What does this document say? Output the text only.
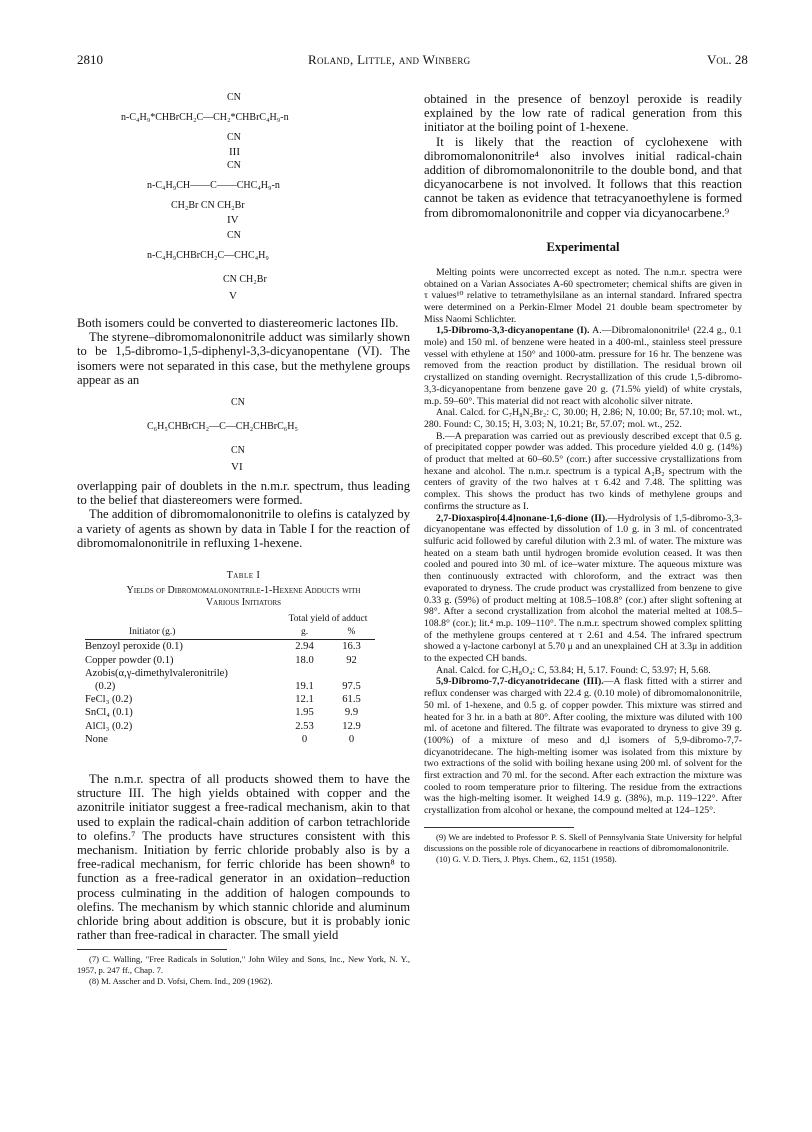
2810	Roland, Little, and Winberg	Vol. 28
CN
n-C₄H₉*CHBrCH₂C—CH₂*CHBrC₄H₉-n
CN
III
CN
n-C₄H₉CH——C——CHC₄H₉-n
CH₂Br CN CH₂Br
IV
CN
n-C₄H₉CHBrCH₂C—CHC₄H₉
CN CH₂Br
V

Both isomers could be converted to diastereomeric lactones IIb.

The styrene–dibromomalononitrile adduct was similarly shown to be 1,5-dibromo-1,5-diphenyl-3,3-dicyanopentane (VI). The isomers were not separated in this case, but the methylene groups appear as an

CN
C₆H₅CHBrCH₂—C—CH₂CHBrC₆H₅
CN
VI

overlapping pair of doublets in the n.m.r. spectrum, thus leading to the belief that diastereomers were formed.

The addition of dibromomalononitrile to olefins is catalyzed by a variety of agents as shown by data in Table I for the reaction of dibromomalononitrile in refluxing 1-hexene.

Table I
Yields of Dibromomalononitrile-1-Hexene Adducts with
Various Initiators
	Total yield of adduct	
Initiator (g.)	g.	%
Benzoyl peroxide (0.1)	2.94	16.3
Copper powder (0.1)	18.0	92
Azobis(α,γ-dimethylvaleronitrile)		
(0.2)	19.1	97.5
FeCl₃ (0.2)	12.1	61.5
SnCl₄ (0.1)	1.95	9.9
AlCl₃ (0.2)	2.53	12.9
None	0	0

The n.m.r. spectra of all products showed them to have the structure III. The high yields obtained with copper and the azonitrile initiator suggest a free-radical mechanism, akin to that used to explain the radical-chain addition of carbon tetrachloride to olefins.⁷ The products have structures consistent with this mechanism. Initiation by ferric chloride probably also is by a free-radical mechanism, for ferric chloride has been shown⁸ to function as a free-radical generator in an oxidation–reduction process culminating in the addition of halogen compounds to olefins. The mechanism by which stannic chloride and aluminum chloride bring about addition is obscure, but it is probably ionic rather than free-radical in character. The small yield

(7) C. Walling, "Free Radicals in Solution," John Wiley and Sons, Inc., New York, N. Y., 1957, p. 247 ff., Chap. 7.

(8) M. Asscher and D. Vofsi, Chem. Ind., 209 (1962).

obtained in the presence of benzoyl peroxide is readily explained by the low rate of radical generation from this initiator at the boiling point of 1-hexene.

It is likely that the reaction of cyclohexene with dibromomalononitrile⁴ also involves initial radical-chain addition of dibromomalononitrile to the double bond, and that dicyanocarbene is not involved. It follows that this reaction cannot be taken as evidence that tetracyanoethylene is formed from dibromomalononitrile and copper via dicyanocarbene.⁹

Experimental

Melting points were uncorrected except as noted. The n.m.r. spectra were obtained on a Varian Associates A-60 spectrometer; chemical shifts are given in τ values¹⁰ relative to tetramethylsilane as an internal standard. Infrared spectra were determined on a Perkin-Elmer Model 21 double beam spectrometer by Miss Naomi Schlichter.

1,5-Dibromo-3,3-dicyanopentane (I). A.—Dibromalononitrile¹ (22.4 g., 0.1 mole) and 150 ml. of benzene were heated in a 400-ml., stainless steel pressure vessel with ethylene at 150° and 1000-atm. pressure for 16 hr. The benzene was removed from the reaction product by distillation. The residual brown oil crystallized on standing overnight. Recrystallization of this crude 1,5-dibromo-3,3-dicyanopentane from benzene gave 20 g. (71.5% yield) of white crystals, m.p. 59–60°. This material did not react with alcoholic silver nitrate.

Anal. Calcd. for C₇H₈N₂Br₂: C, 30.00; H, 2.86; N, 10.00; Br, 57.10; mol. wt., 280. Found: C, 30.15; H, 3.03; N, 10.21; Br, 57.07; mol. wt., 252.

B.—A preparation was carried out as previously described except that 0.5 g. of precipitated copper powder was added. This procedure yielded 4.0 g. (14%) of product that melted at 60–60.5° (corr.) after successive crystallizations from hexane and alcohol. The n.m.r. spectrum is a typical A₂B₂ spectrum with the centers of gravity of the two halves at τ 6.42 and 7.48. The splitting was complex. This shows the product has two kinds of methylene groups and confirms the structure as I.

2,7-Dioxaspiro[4.4]nonane-1,6-dione (II).—Hydrolysis of 1,5-dibromo-3,3-dicyanopentane was effected by dissolution of 1.0 g. in 3 ml. of concentrated sulfuric acid followed by careful dilution with 2.3 ml. of water. The mixture was heated on a steam bath until hydrogen bromide evolution ceased. It was then cooled and poured into 30 ml. of ice–water mixture. The aqueous mixture was then continuously extracted with chloroform, and the extract was then evaporated to dryness. The crude product was crystallized from benzene to give 0.33 g. (59%) of product melting at 108.5–108.8° (cor.) after slight softening at 98°. After a second crystallization from alcohol the material melted at 108.5–108.8° (cor.); lit.⁴ m.p. 109–110°. The n.m.r. spectrum showed complex splitting of the methylene groups centered at τ 2.61 and 4.54. The infrared spectrum showed a γ-lactone carbonyl at 5.70 μ and an unexplained CH at 3.3μ in addition to the expected CH bands.

Anal. Calcd. for C₇H₈O₄: C, 53.84; H, 5.17. Found: C, 53.97; H, 5.68.

5,9-Dibromo-7,7-dicyanotridecane (III).—A flask fitted with a stirrer and reflux condenser was charged with 22.4 g. (0.10 mole) of dibromomalononitrile, 50 ml. of 1-hexene, and 0.5 g. of copper powder. This mixture was stirred and heated for 3 hr. in a bath at 80°. After cooling, the mixture was diluted with 100 ml. of acetone and filtered. The filtrate was evaporated to dryness to give 39 g. (100%) of a mixture of meso and d,l isomers of 5,9-dibromo-7,7-dicyanotridecane. The high-melting isomer was isolated from this mixture by two extractions of the solid with boiling hexane using 200 ml. of solvent for the first extraction and 70 ml. for the second. After each extraction the mixture was cooled to room temperature prior to filtering. The residue from the extractions was the high-melting isomer. It weighed 14.9 g. (38%), m.p. 119–122°. After crystallization from alcohol or hexane, the compound melted at 124–125°.

(9) We are indebted to Professor P. S. Skell of Pennsylvania State University for helpful discussions on the possible role of dicyanocarbene in reactions of dibromomalononitrile.

(10) G. V. D. Tiers, J. Phys. Chem., 62, 1151 (1958).
